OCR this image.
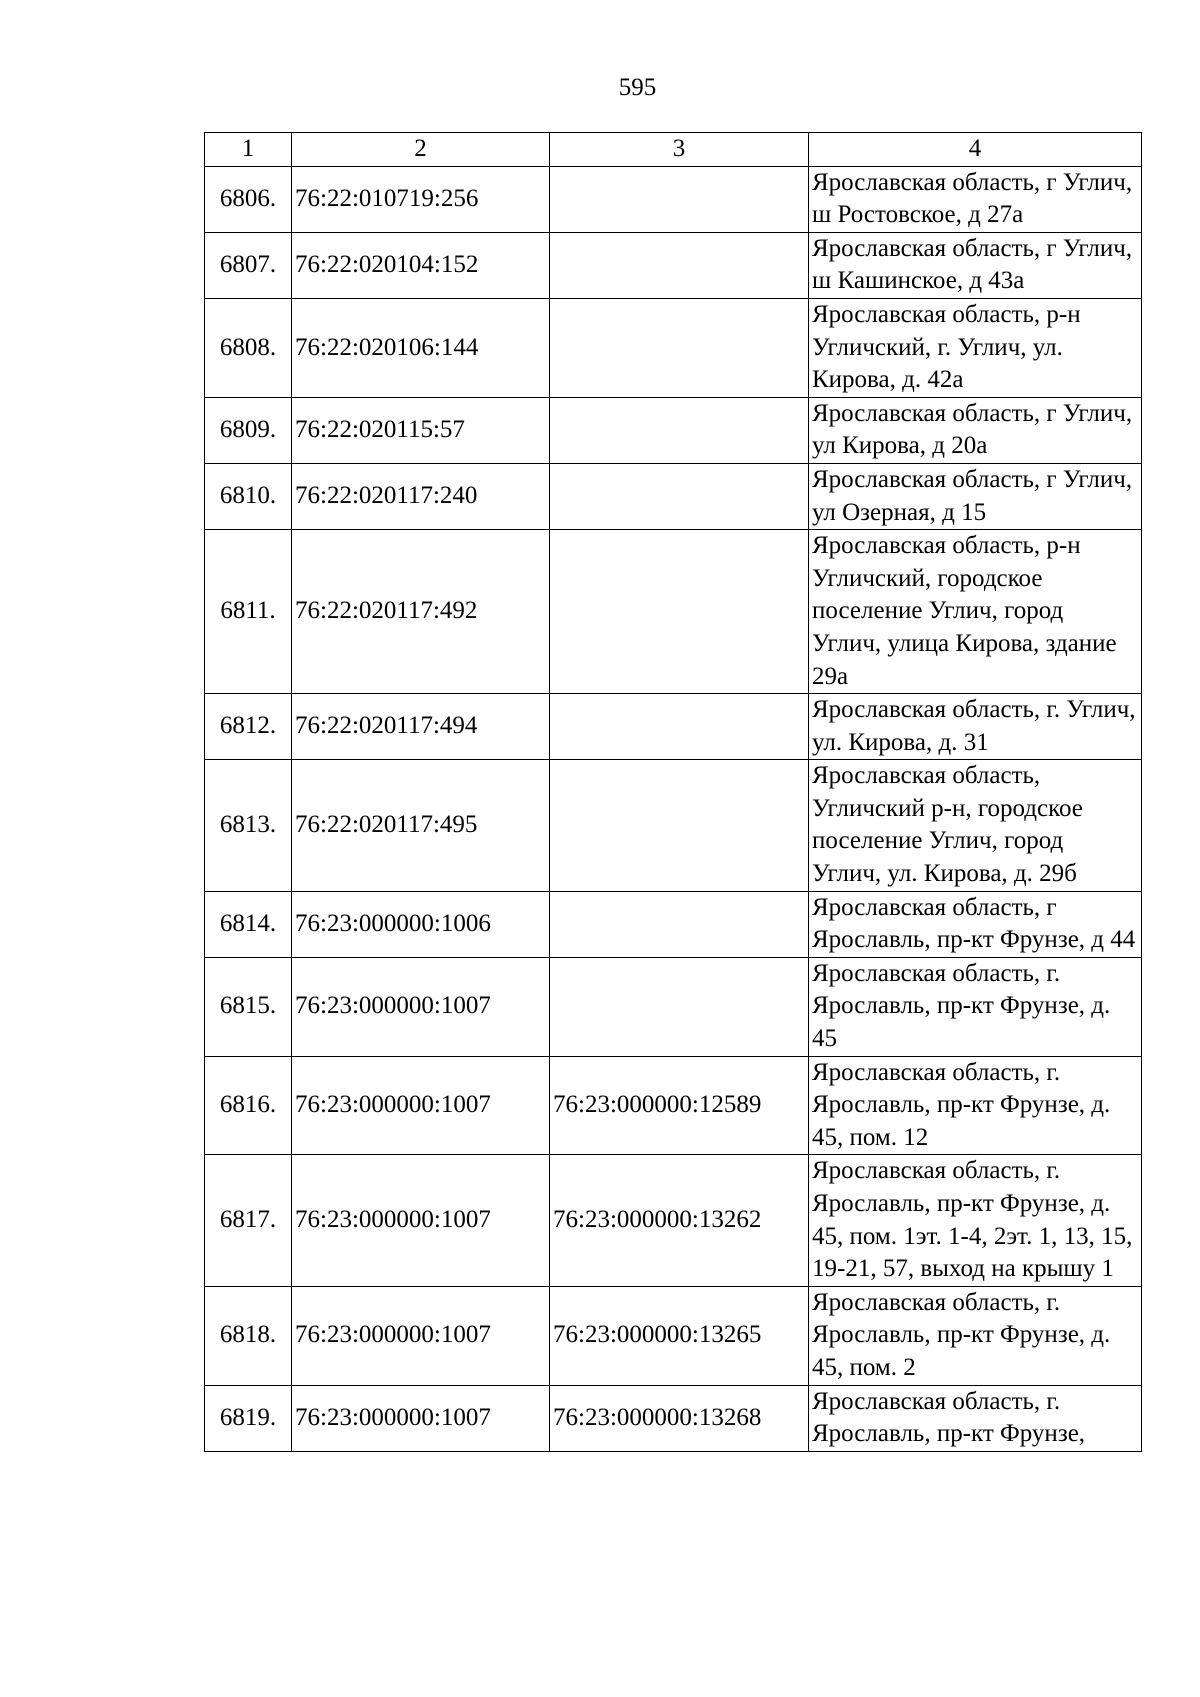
595
1	2	3	4
6806.	76:22:010719:256		Ярославская область, г Углич, ш Ростовское, д 27а
6807.	76:22:020104:152		Ярославская область, г Углич, ш Кашинское, д 43а
6808.	76:22:020106:144		Ярославская область, р-н Угличский, г. Углич, ул. Кирова, д. 42а
6809.	76:22:020115:57		Ярославская область, г Углич, ул Кирова, д 20а
6810.	76:22:020117:240		Ярославская область, г Углич, ул Озерная, д 15
6811.	76:22:020117:492		Ярославская область, р-н Угличский, городское поселение Углич, город Углич, улица Кирова, здание 29а
6812.	76:22:020117:494		Ярославская область, г. Углич, ул. Кирова, д. 31
6813.	76:22:020117:495		Ярославская область, Угличский р-н, городское поселение Углич, город Углич, ул. Кирова, д. 29б
6814.	76:23:000000:1006		Ярославская область, г Ярославль, пр-кт Фрунзе, д 44
6815.	76:23:000000:1007		Ярославская область, г. Ярославль, пр-кт Фрунзе, д. 45
6816.	76:23:000000:1007	76:23:000000:12589	Ярославская область, г. Ярославль, пр-кт Фрунзе, д. 45, пом. 12
6817.	76:23:000000:1007	76:23:000000:13262	Ярославская область, г. Ярославль, пр-кт Фрунзе, д. 45, пом. 1эт. 1-4, 2эт. 1, 13, 15, 19-21, 57, выход на крышу 1
6818.	76:23:000000:1007	76:23:000000:13265	Ярославская область, г. Ярославль, пр-кт Фрунзе, д. 45, пом. 2
6819.	76:23:000000:1007	76:23:000000:13268	Ярославская область, г. Ярославль, пр-кт Фрунзе,
